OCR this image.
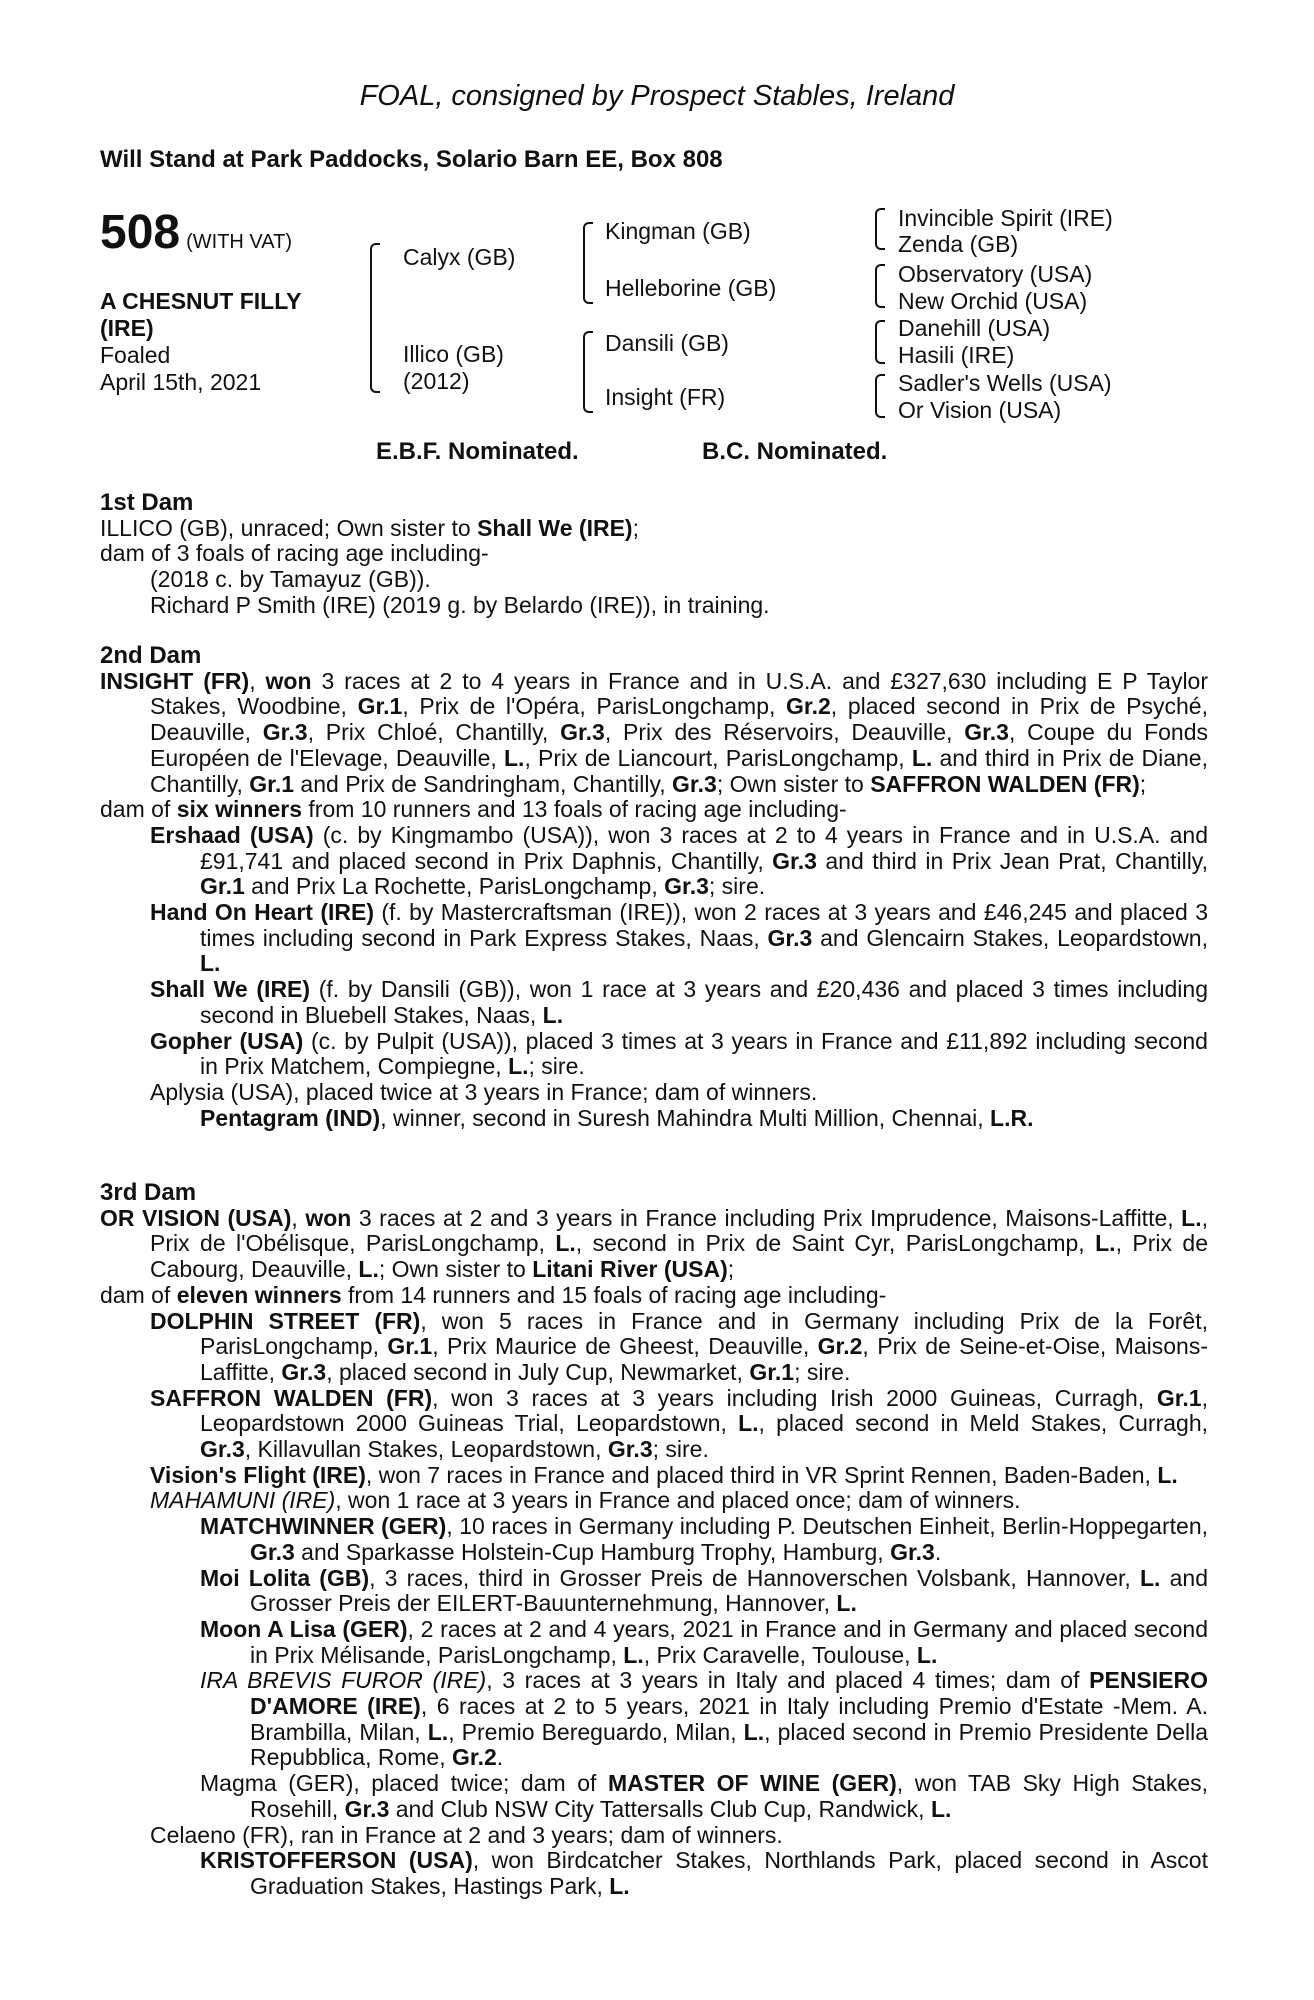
FOAL, consigned by Prospect Stables, Ireland
Will Stand at Park Paddocks, Solario Barn EE, Box 808
508 (WITH VAT)
A CHESNUT FILLY
(IRE)
Foaled
April 15th, 2021
Calyx (GB)
Illico (GB)
(2012)
Kingman (GB)
Helleborine (GB)
Dansili (GB)
Insight (FR)
Invincible Spirit (IRE)
Zenda (GB)
Observatory (USA)
New Orchid (USA)
Danehill (USA)
Hasili (IRE)
Sadler's Wells (USA)
Or Vision (USA)
E.B.F. Nominated.	B.C. Nominated.

1st Dam

ILLICO (GB), unraced; Own sister to Shall We (IRE);

dam of 3 foals of racing age including-

(2018 c. by Tamayuz (GB)).

Richard P Smith (IRE) (2019 g. by Belardo (IRE)), in training.

2nd Dam

INSIGHT (FR), won 3 races at 2 to 4 years in France and in U.S.A. and £327,630 including E P Taylor Stakes, Woodbine, Gr.1, Prix de l'Opéra, ParisLongchamp, Gr.2, placed second in Prix de Psyché, Deauville, Gr.3, Prix Chloé, Chantilly, Gr.3, Prix des Réservoirs, Deauville, Gr.3, Coupe du Fonds Européen de l'Elevage, Deauville, L., Prix de Liancourt, ParisLongchamp, L. and third in Prix de Diane, Chantilly, Gr.1 and Prix de Sandringham, Chantilly, Gr.3; Own sister to SAFFRON WALDEN (FR);

dam of six winners from 10 runners and 13 foals of racing age including-

Ershaad (USA) (c. by Kingmambo (USA)), won 3 races at 2 to 4 years in France and in U.S.A. and £91,741 and placed second in Prix Daphnis, Chantilly, Gr.3 and third in Prix Jean Prat, Chantilly, Gr.1 and Prix La Rochette, ParisLongchamp, Gr.3; sire.

Hand On Heart (IRE) (f. by Mastercraftsman (IRE)), won 2 races at 3 years and £46,245 and placed 3 times including second in Park Express Stakes, Naas, Gr.3 and Glencairn Stakes, Leopardstown, L.

Shall We (IRE) (f. by Dansili (GB)), won 1 race at 3 years and £20,436 and placed 3 times including second in Bluebell Stakes, Naas, L.

Gopher (USA) (c. by Pulpit (USA)), placed 3 times at 3 years in France and £11,892 including second in Prix Matchem, Compiegne, L.; sire.

Aplysia (USA), placed twice at 3 years in France; dam of winners.

Pentagram (IND), winner, second in Suresh Mahindra Multi Million, Chennai, L.R.

3rd Dam

OR VISION (USA), won 3 races at 2 and 3 years in France including Prix Imprudence, Maisons-Laffitte, L., Prix de l'Obélisque, ParisLongchamp, L., second in Prix de Saint Cyr, ParisLongchamp, L., Prix de Cabourg, Deauville, L.; Own sister to Litani River (USA);

dam of eleven winners from 14 runners and 15 foals of racing age including-

DOLPHIN STREET (FR), won 5 races in France and in Germany including Prix de la Forêt, ParisLongchamp, Gr.1, Prix Maurice de Gheest, Deauville, Gr.2, Prix de Seine-et-Oise, Maisons-Laffitte, Gr.3, placed second in July Cup, Newmarket, Gr.1; sire.

SAFFRON WALDEN (FR), won 3 races at 3 years including Irish 2000 Guineas, Curragh, Gr.1, Leopardstown 2000 Guineas Trial, Leopardstown, L., placed second in Meld Stakes, Curragh, Gr.3, Killavullan Stakes, Leopardstown, Gr.3; sire.

Vision's Flight (IRE), won 7 races in France and placed third in VR Sprint Rennen, Baden-Baden, L.

MAHAMUNI (IRE), won 1 race at 3 years in France and placed once; dam of winners.

MATCHWINNER (GER), 10 races in Germany including P. Deutschen Einheit, Berlin-Hoppegarten, Gr.3 and Sparkasse Holstein-Cup Hamburg Trophy, Hamburg, Gr.3.

Moi Lolita (GB), 3 races, third in Grosser Preis de Hannoverschen Volsbank, Hannover, L. and Grosser Preis der EILERT-Bauunternehmung, Hannover, L.

Moon A Lisa (GER), 2 races at 2 and 4 years, 2021 in France and in Germany and placed second in Prix Mélisande, ParisLongchamp, L., Prix Caravelle, Toulouse, L.

IRA BREVIS FUROR (IRE), 3 races at 3 years in Italy and placed 4 times; dam of PENSIERO D'AMORE (IRE), 6 races at 2 to 5 years, 2021 in Italy including Premio d'Estate -Mem. A. Brambilla, Milan, L., Premio Bereguardo, Milan, L., placed second in Premio Presidente Della Repubblica, Rome, Gr.2.

Magma (GER), placed twice; dam of MASTER OF WINE (GER), won TAB Sky High Stakes, Rosehill, Gr.3 and Club NSW City Tattersalls Club Cup, Randwick, L.

Celaeno (FR), ran in France at 2 and 3 years; dam of winners.

KRISTOFFERSON (USA), won Birdcatcher Stakes, Northlands Park, placed second in Ascot Graduation Stakes, Hastings Park, L.
